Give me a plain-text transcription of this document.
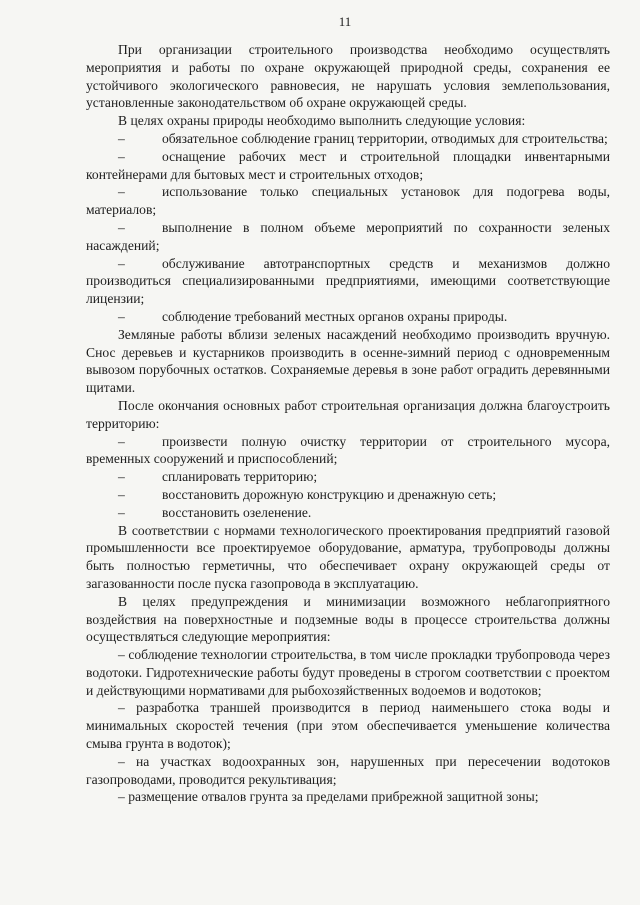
11

При организации строительного производства необходимо осуществлять мероприятия и работы по охране окружающей природной среды, сохранения ее устойчивого экологического равновесия, не нарушать условия землепользования, установленные законодательством об охране окружающей среды.

В целях охраны природы необходимо выполнить следующие условия:

–	обязательное соблюдение границ территории, отводимых для строительства;

–	оснащение рабочих мест и строительной площадки инвентарными контейнерами для бытовых мест и строительных отходов;

–	использование только специальных установок для подогрева воды, материалов;

–	выполнение в полном объеме мероприятий по сохранности зеленых насаждений;

–	обслуживание автотранспортных средств и механизмов должно производиться специализированными предприятиями, имеющими соответствующие лицензии;

–	соблюдение требований местных органов охраны природы.

Земляные работы вблизи зеленых насаждений необходимо производить вручную. Снос деревьев и кустарников производить в осенне-зимний период с одновременным вывозом порубочных остатков. Сохраняемые деревья в зоне работ оградить деревянными щитами.

После окончания основных работ строительная организация должна благоустроить территорию:

–	произвести полную очистку территории от строительного мусора, временных сооружений и приспособлений;

–	спланировать территорию;

–	восстановить дорожную конструкцию и дренажную сеть;

–	восстановить озеленение.

В соответствии с нормами технологического проектирования предприятий газовой промышленности все проектируемое оборудование, арматура, трубопроводы должны быть полностью герметичны, что обеспечивает охрану окружающей среды от загазованности после пуска газопровода в эксплуатацию.

В целях предупреждения и минимизации возможного неблагоприятного воздействия на поверхностные и подземные воды в процессе строительства должны осуществляться следующие мероприятия:

– соблюдение технологии строительства, в том числе прокладки трубопровода через водотоки. Гидротехнические работы будут проведены в строгом соответствии с проектом и действующими нормативами для рыбохозяйственных водоемов и водотоков;

– разработка траншей производится в период наименьшего стока воды и минимальных скоростей течения (при этом обеспечивается уменьшение количества смыва грунта в водоток);

– на участках водоохранных зон, нарушенных при пересечении водотоков газопроводами, проводится рекультивация;

– размещение отвалов грунта за пределами прибрежной защитной зоны;
